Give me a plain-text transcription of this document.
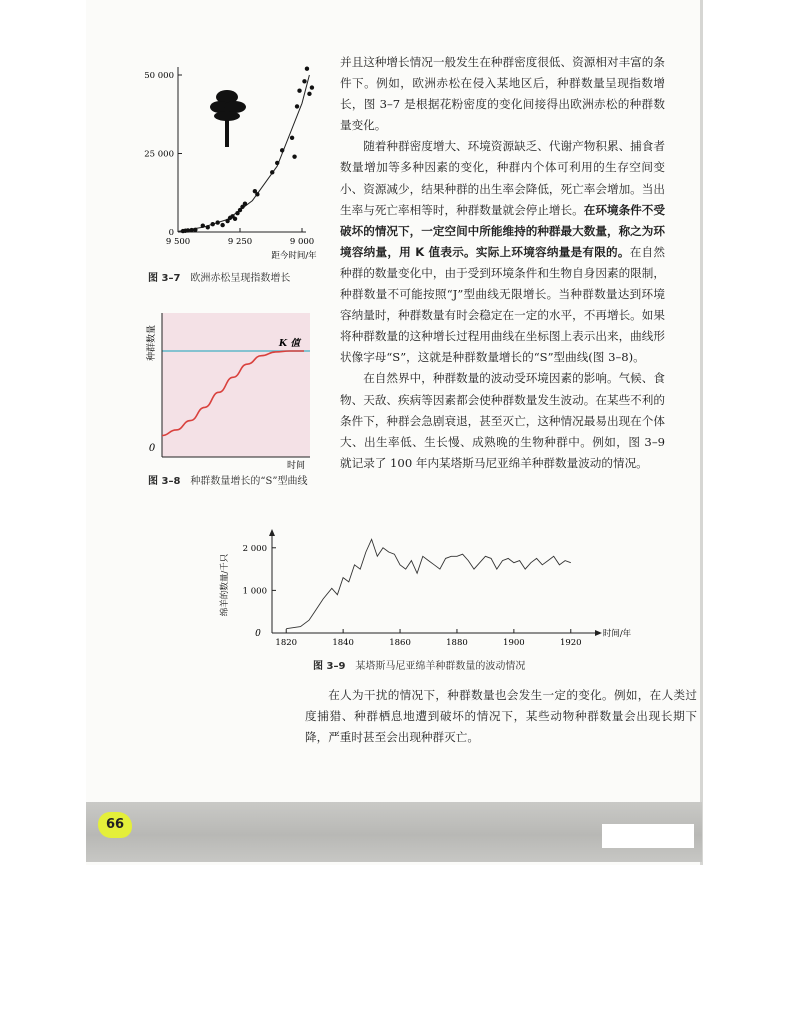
50 000
25 000
0
9 500	9 250	9 000
距今时间/年
图 3–7 欧洲赤松呈现指数增长
K 值
种群数量
0
时间
图 3–8 种群数量增长的“S”型曲线

并且这种增长情况一般发生在种群密度很低、资源相对丰富的条件下。例如，欧洲赤松在侵入某地区后，种群数量呈现指数增长，图 3–7 是根据花粉密度的变化间接得出欧洲赤松的种群数量变化。

随着种群密度增大、环境资源缺乏、代谢产物积累、捕食者数量增加等多种因素的变化，种群内个体可利用的生存空间变小、资源减少，结果种群的出生率会降低，死亡率会增加。当出生率与死亡率相等时，种群数量就会停止增长。在环境条件不受破坏的情况下，一定空间中所能维持的种群最大数量，称之为环境容纳量，用 K 值表示。实际上环境容纳量是有限的。在自然种群的数量变化中，由于受到环境条件和生物自身因素的限制，种群数量不可能按照“J”型曲线无限增长。当种群数量达到环境容纳量时，种群数量有时会稳定在一定的水平，不再增长。如果将种群数量的这种增长过程用曲线在坐标图上表示出来，曲线形状像字母“S”，这就是种群数量增长的“S”型曲线(图 3–8)。

在自然界中，种群数量的波动受环境因素的影响。气候、食物、天敌、疾病等因素都会使种群数量发生波动。在某些不利的条件下，种群会急剧衰退，甚至灭亡，这种情况最易出现在个体大、出生率低、生长慢、成熟晚的生物种群中。例如，图 3–9 就记录了 100 年内某塔斯马尼亚绵羊种群数量波动的情况。

2 000
1 000
1820	1840	1860	1880	1900	1920
0	时间/年
绵羊的数量/千只
图 3–9 某塔斯马尼亚绵羊种群数量的波动情况

在人为干扰的情况下，种群数量也会发生一定的变化。例如，在人类过度捕猎、种群栖息地遭到破坏的情况下，某些动物种群数量会出现长期下降，严重时甚至会出现种群灭亡。

66
